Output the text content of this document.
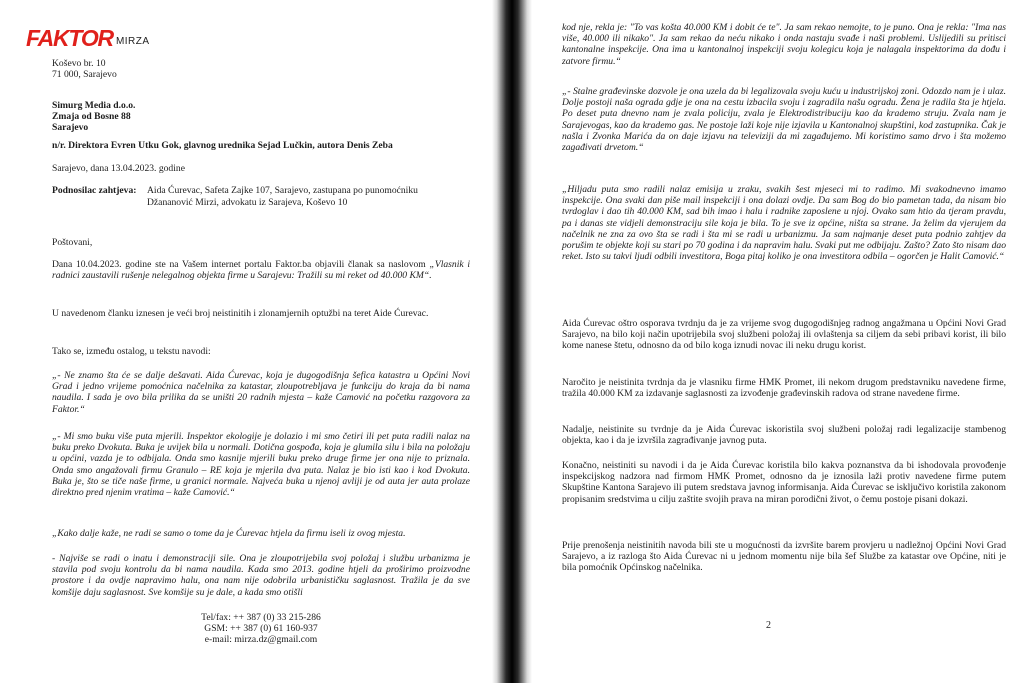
FAKTOR MIRZA

Koševo br. 10

71 000, Sarajevo

Simurg Media d.o.o.

Zmaja od Bosne 88

Sarajevo

n/r. Direktora Evren Utku Gok, glavnog urednika Sejad Lučkin, autora Denis Zeba

Sarajevo, dana 13.04.2023. godine

Podnosilac zahtjeva: Aida Ćurevac, Safeta Zajke 107, Sarajevo, zastupana po punomoćniku

Džananović Mirzi, advokatu iz Sarajeva, Koševo 10

Poštovani,

Dana 10.04.2023. godine ste na Vašem internet portalu Faktor.ba objavili članak sa naslovom „Vlasnik i radnici zaustavili rušenje nelegalnog objekta firme u Sarajevu: Tražili su mi reket od 40.000 KM“.

U navedenom članku iznesen je veći broj neistinitih i zlonamjernih optužbi na teret Aide Ćurevac.

Tako se, između ostalog, u tekstu navodi:

„- Ne znamo šta će se dalje dešavati. Aida Ćurevac, koja je dugogodišnja šefica katastra u Općini Novi Grad i jedno vrijeme pomoćnica načelnika za katastar, zloupotrebljava je funkciju do kraja da bi nama naudila. I sada je ovo bila prilika da se uništi 20 radnih mjesta – kaže Camović na početku razgovora za Faktor.“

„- Mi smo buku više puta mjerili. Inspektor ekologije je dolazio i mi smo četiri ili pet puta radili nalaz na buku preko Dvokuta. Buka je uvijek bila u normali. Dotična gospođa, koja je glumila silu i bila na položaju u općini, vazda je to odbijala. Onda smo kasnije mjerili buku preko druge firme jer ona nije to priznala. Onda smo angažovali firmu Granulo – RE koja je mjerila dva puta. Nalaz je bio isti kao i kod Dvokuta. Buka je, što se tiče naše firme, u granici normale. Najveća buka u njenoj avliji je od auta jer auta prolaze direktno pred njenim vratima – kaže Camović.“

„Kako dalje kaže, ne radi se samo o tome da je Ćurevac htjela da firmu iseli iz ovog mjesta.

- Najviše se radi o inatu i demonstraciji sile. Ona je zloupotrijebila svoj položaj i službu urbanizma je stavila pod svoju kontrolu da bi nama naudila. Kada smo 2013. godine htjeli da proširimo proizvodne prostore i da ovdje napravimo halu, ona nam nije odobrila urbanističku saglasnost. Tražila je da sve komšije daju saglasnost. Sve komšije su je dale, a kada smo otišli

Tel/fax: ++ 387 (0) 33 215-286
GSM: ++ 387 (0) 61 160-937
e-mail: mirza.dz@gmail.com

kod nje, rekla je: "To vas košta 40.000 KM i dobit će te". Ja sam rekao nemojte, to je puno. Ona je rekla: "Ima nas više, 40.000 ili nikako". Ja sam rekao da neću nikako i onda nastaju svađe i naši problemi. Uslijedili su pritisci kantonalne inspekcije. Ona ima u kantonalnoj inspekciji svoju kolegicu koja je nalagala inspektorima da dođu i zatvore firmu.“

„- Stalne građevinske dozvole je ona uzela da bi legalizovala svoju kuću u industrijskoj zoni. Odozdo nam je i ulaz. Dolje postoji naša ograda gdje je ona na cestu izbacila svoju i zagradila našu ogradu. Žena je radila šta je htjela. Po deset puta dnevno nam je zvala policiju, zvala je Elektrodistribuciju kao da krademo struju. Zvala nam je Sarajevogas, kao da krademo gas. Ne postoje laži koje nije izjavila u Kantonalnoj skupštini, kod zastupnika. Čak je našla i Zvonka Marića da on daje izjavu na televiziji da mi zagađujemo. Mi koristimo samo drvo i šta možemo zagađivati drvetom.“

„Hiljadu puta smo radili nalaz emisija u zraku, svakih šest mjeseci mi to radimo. Mi svakodnevno imamo inspekcije. Ona svaki dan piše mail inspekciji i ona dolazi ovdje. Da sam Bog do bio pametan tada, da nisam bio tvrdoglav i dao tih 40.000 KM, sad bih imao i halu i radnike zaposlene u njoj. Ovako sam htio da tjeram pravdu, pa i danas ste vidjeli demonstraciju sile koja je bila. To je sve iz općine, ništa sa strane. Ja želim da vjerujem da načelnik ne zna za ovo šta se radi i šta mi se radi u urbanizmu. Ja sam najmanje deset puta podnio zahtjev da porušim te objekte koji su stari po 70 godina i da napravim halu. Svaki put me odbijaju. Zašto? Zato što nisam dao reket. Isto su takvi ljudi odbili investitora, Boga pitaj koliko je ona investitora odbila – ogorčen je Halit Camović.“

Aida Ćurevac oštro osporava tvrdnju da je za vrijeme svog dugogodišnjeg radnog angažmana u Općini Novi Grad Sarajevo, na bilo koji način upotrijebila svoj službeni položaj ili ovlaštenja sa ciljem da sebi pribavi korist, ili bilo kome nanese štetu, odnosno da od bilo koga iznudi novac ili neku drugu korist.

Naročito je neistinita tvrdnja da je vlasniku firme HMK Promet, ili nekom drugom predstavniku navedene firme, tražila 40.000 KM za izdavanje saglasnosti za izvođenje građevinskih radova od strane navedene firme.

Nadalje, neistinite su tvrdnje da je Aida Ćurevac iskoristila svoj službeni položaj radi legalizacije stambenog objekta, kao i da je izvršila zagrađivanje javnog puta.

Konačno, neistiniti su navodi i da je Aida Ćurevac koristila bilo kakva poznanstva da bi ishodovala provođenje inspekcijskog nadzora nad firmom HMK Promet, odnosno da je iznosila laži protiv navedene firme putem Skupštine Kantona Sarajevo ili putem sredstava javnog informisanja. Aida Ćurevac se isključivo koristila zakonom propisanim sredstvima u cilju zaštite svojih prava na miran porodični život, o čemu postoje pisani dokazi.

Prije prenošenja neistinitih navoda bili ste u mogućnosti da izvršite barem provjeru u nadležnoj Općini Novi Grad Sarajevo, a iz razloga što Aida Ćurevac ni u jednom momentu nije bila šef Službe za katastar ove Općine, niti je bila pomoćnik Općinskog načelnika.

2
